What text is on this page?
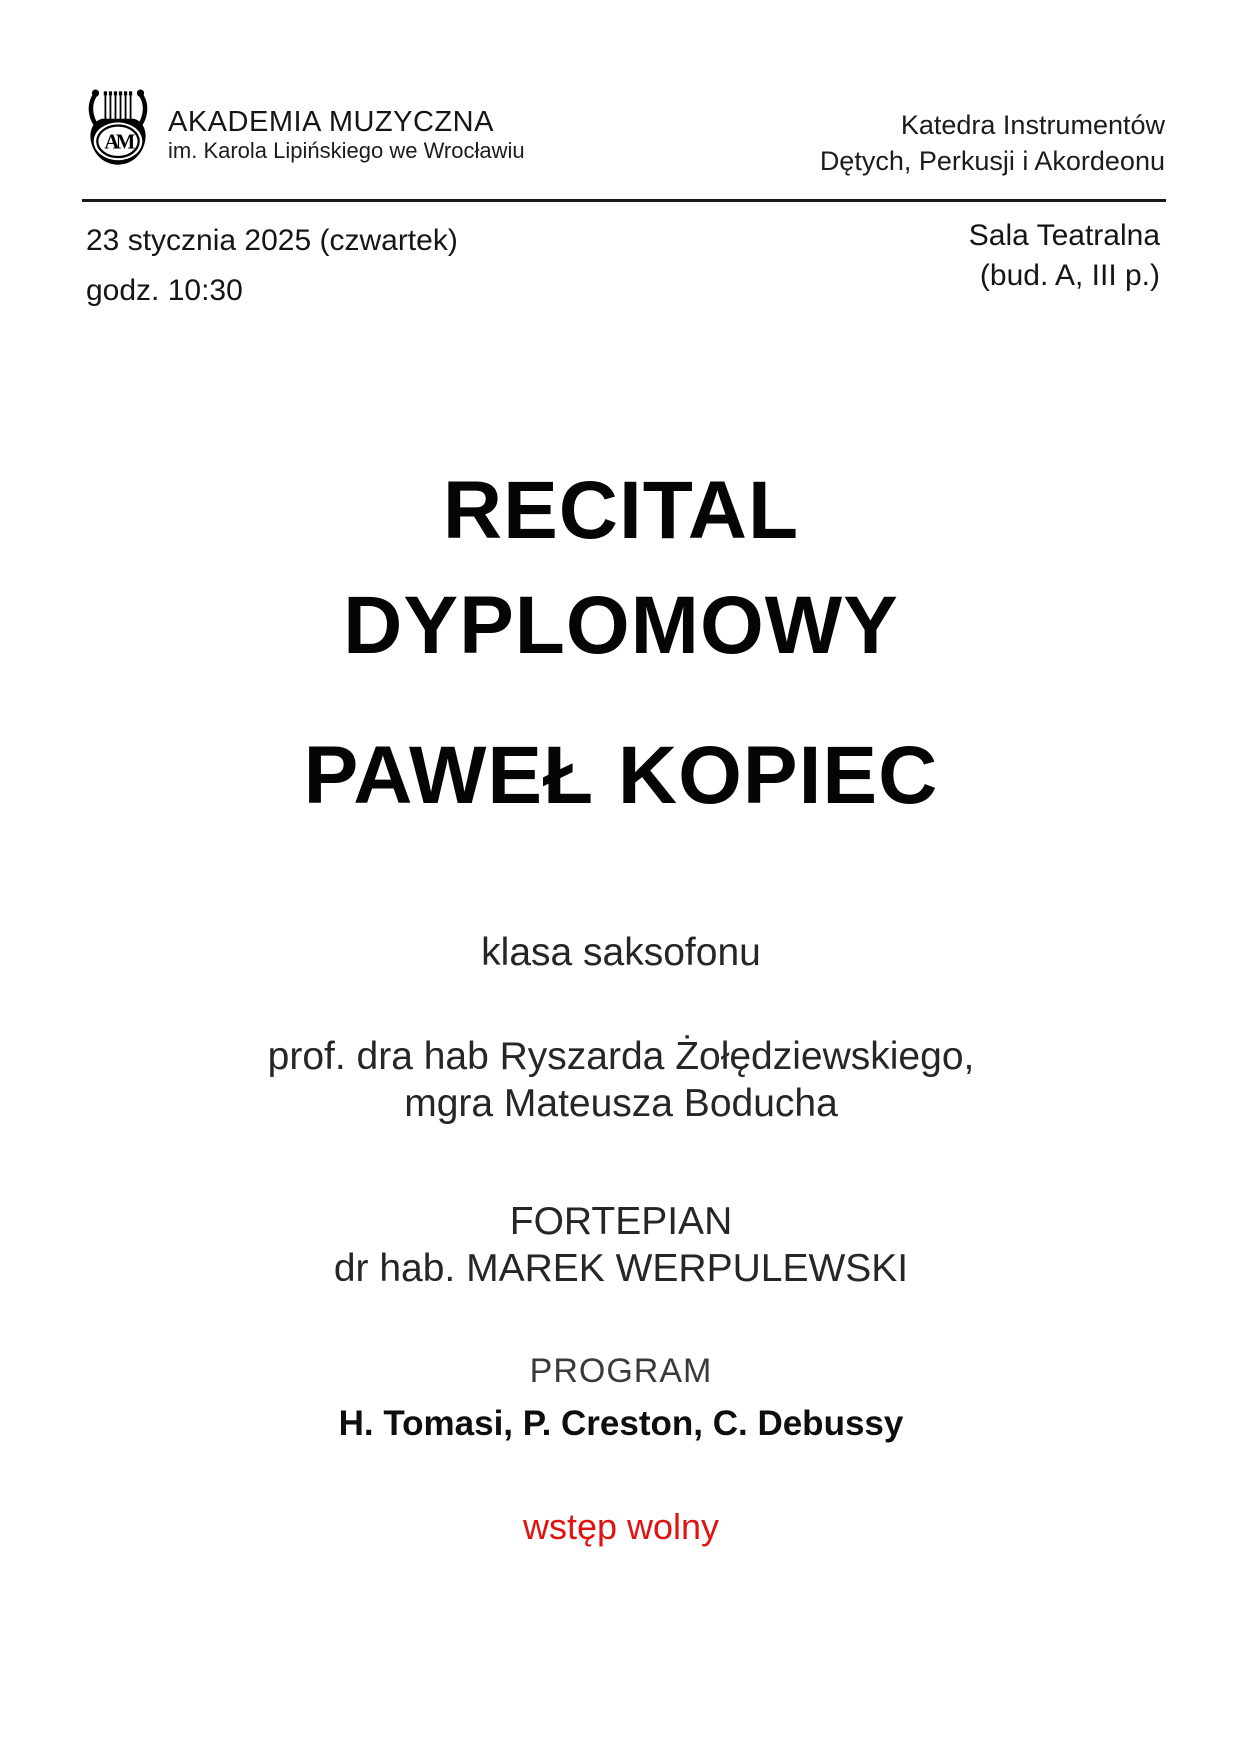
AM
AKADEMIA MUZYCZNA
im. Karola Lipińskiego we Wrocławiu
Katedra Instrumentów
Dętych, Perkusji i Akordeonu
23 stycznia 2025 (czwartek)
godz. 10:30
Sala Teatralna
(bud. A, III p.)
RECITAL
DYPLOMOWY
PAWEŁ KOPIEC
klasa saksofonu
prof. dra hab Ryszarda Żołędziewskiego,
mgra Mateusza Boducha
FORTEPIAN
dr hab. MAREK WERPULEWSKI
PROGRAM
H. Tomasi, P. Creston, C. Debussy
wstęp wolny
